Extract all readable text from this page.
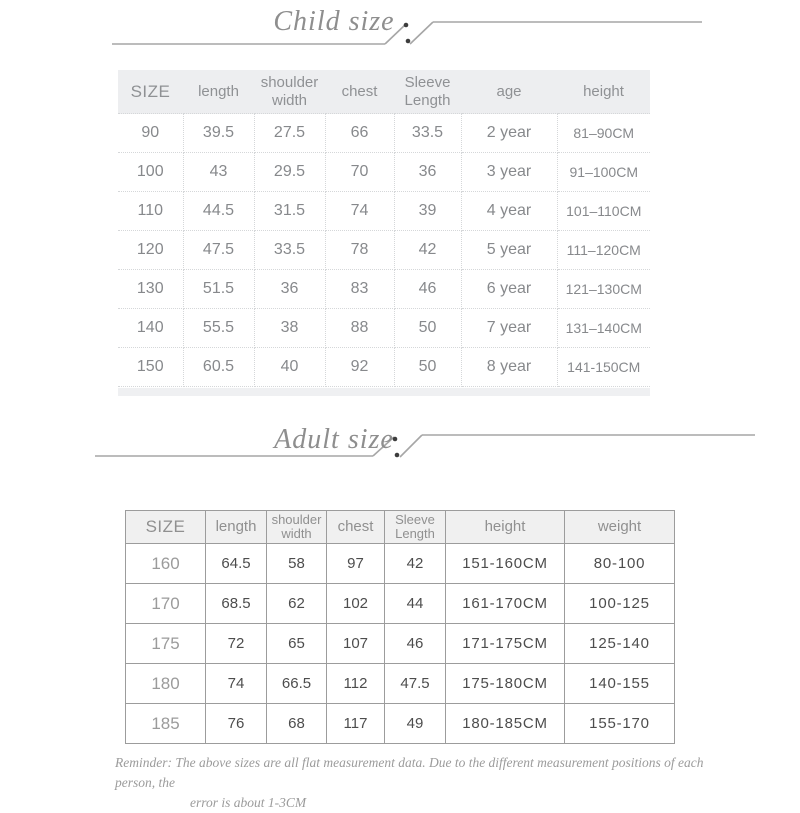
Child size
SIZE	length	shoulder width	chest	Sleeve Length	age	height
90	39.5	27.5	66	33.5	2 year	81–90CM
100	43	29.5	70	36	3 year	91–100CM
110	44.5	31.5	74	39	4 year	101–110CM
120	47.5	33.5	78	42	5 year	111–120CM
130	51.5	36	83	46	6 year	121–130CM
140	55.5	38	88	50	7 year	131–140CM
150	60.5	40	92	50	8 year	141-150CM
Adult size
SIZE	length	shoulder width	chest	Sleeve Length	height	weight
160	64.5	58	97	42	151-160CM	80-100
170	68.5	62	102	44	161-170CM	100-125
175	72	65	107	46	171-175CM	125-140
180	74	66.5	112	47.5	175-180CM	140-155
185	76	68	117	49	180-185CM	155-170
Reminder: The above sizes are all flat measurement data. Due to the different measurement positions of each person, the
error is about 1-3CM
